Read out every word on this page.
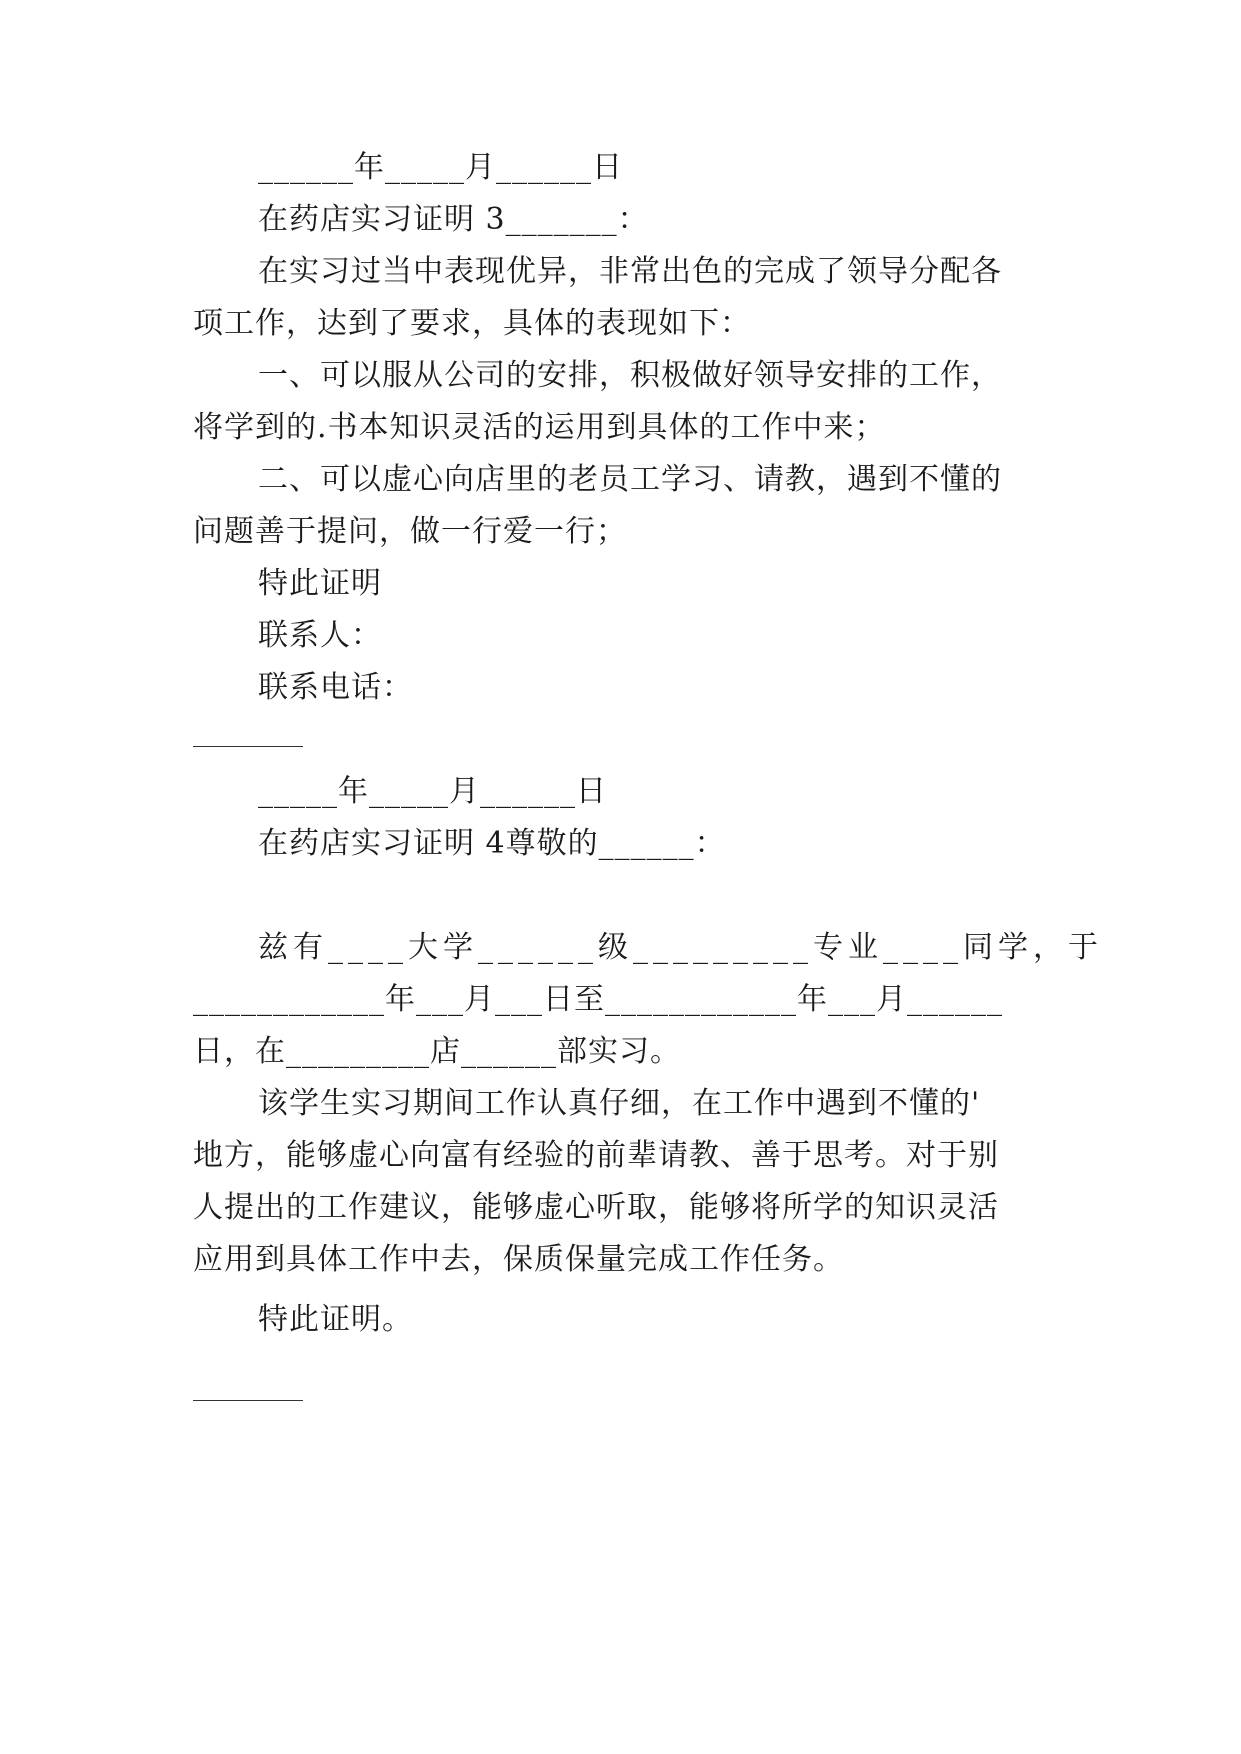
______年_____月______日
在药店实习证明 3_______：
在实习过当中表现优异，非常出色的完成了领导分配各
项工作，达到了要求，具体的表现如下：
一、可以服从公司的安排，积极做好领导安排的工作，
将学到的.书本知识灵活的运用到具体的工作中来；
二、可以虚心向店里的老员工学习、请教，遇到不懂的
问题善于提问，做一行爱一行；
特此证明
联系人：
联系电话：
_____年_____月______日
在药店实习证明 4尊敬的______：
兹有____大学______级_________专业____同学，于
____________年___月___日至____________年___月______
日，在_________店______部实习。
该学生实习期间工作认真仔细，在工作中遇到不懂的'
地方，能够虚心向富有经验的前辈请教、善于思考。对于别
人提出的工作建议，能够虚心听取，能够将所学的知识灵活
应用到具体工作中去，保质保量完成工作任务。
特此证明。
